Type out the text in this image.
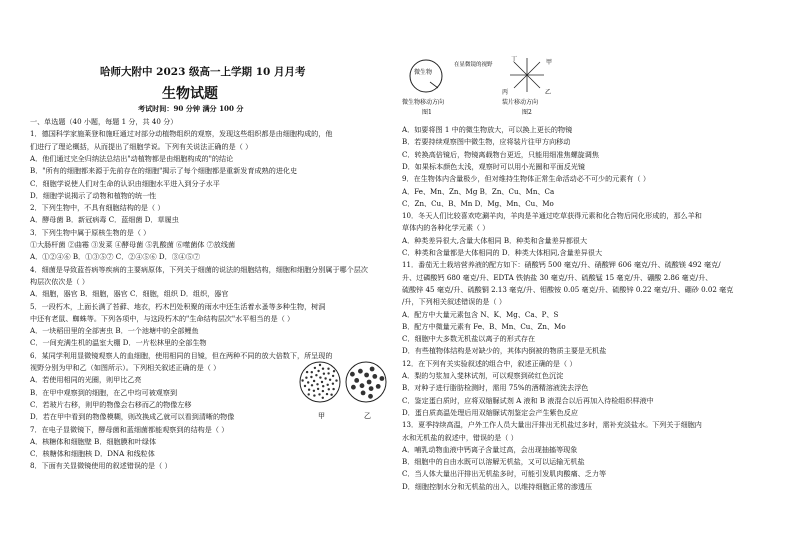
哈师大附中 2023 级高一上学期 10 月月考
生物试题
考试时间：90 分钟 满分 100 分
一、单选题（40 小题，每题 1 分，共 40 分）
1．德国科学家施莱登和施旺通过对部分动植物组织的观察，发现这些组织都是由细胞构成的，他
们进行了理论概括，从而提出了细胞学说。下列有关说法正确的是（ ）
A．他们通过完全归纳法总结出"动植物都是由细胞构成的"的结论
B．"所有的细胞都来源于先前存在的细胞"揭示了每个细胞都是重新发育成熟的进化史
C．细胞学说使人们对生命的认识由细胞水平进入到分子水平
D．细胞学说揭示了动物和植物的统一性
2．下列生物中，不具有细胞结构的是（ ）
A．酵母菌 B．新冠病毒 C．蓝细菌 D．草履虫
3．下列生物中属于原核生物的是（ ）
①大肠杆菌 ②曲霉 ③发菜 ④酵母菌 ⑤乳酸菌 ⑥噬菌体 ⑦放线菌
A．①②④⑥ B．①③⑤⑦ C．②④⑤⑥ D．③④⑤⑦
4．细菌是导致蓝苔病等疾病的主要病原体，下列关于细菌的说法的细胞结构，细胞和细胞分别属于哪个层次
构层次依次是（ ）
A．细胞，器官 B．细胞，器官 C．细胞，组织 D．组织，器官
5．一段朽木，上面长满了苔藓、地衣，朽木凹处积聚的雨水中还生活着水蚤等多种生物，树洞
中还有老鼠、蜘蛛等。下列各项中，与这段朽木的"生命结构层次"水平相当的是（ ）
A．一块稻田里的全部害虫 B．一个池塘中的全部鲤鱼
C．一间充满生机的温室大棚 D．一片松林里的全部生物
6．某同学利用显微镜观察人的血细胞，使用相同的目镜，但在两种不同的放大倍数下，所呈现的
视野分别为甲和乙（如图所示）。下列相关叙述正确的是（ ）
A．若使用相同的光圈，则甲比乙亮
B．在甲中观察到的细胞，在乙中均可被观察到
C．若玻片右移，则甲的物像会右移而乙的物像左移
D．若在甲中看到的物像模糊，则改换成乙就可以看到清晰的物像
7．在电子显微镜下，酵母菌和蓝细菌都能观察到的结构是（ ）
A．核糖体和细胞壁 B．细胞膜和叶绿体
C．核糖体和细胞核 D．DNA 和线粒体
8．下面有关显微镜使用的叙述错误的是（ ）
甲	乙
微生物
微生物移动方向
图1
在显微镜的视野
丁	甲
丙	乙
装片移动方向
图2
A．如要将图 1 中的微生物放大，可以换上更长的物镜
B．若要持续观察图中微生物，应将装片往甲方向移动
C．转换高倍镜后，物镜离载物台更近，只能用细准焦螺旋调焦
D．如果标本颜色太浅，观察时可以用小光圈和平面反光镜
9．在生物体内含量极少，但对维持生物体正常生命活动必不可少的元素有（ ）
A．Fe、Mn、Zn、Mg B．Zn、Cu、Mn、Ca
C．Zn、Cu、B、Mn D．Mg、Mn、Cu、Mo
10．冬天人们比较喜欢吃涮羊肉，羊肉是羊通过吃草获得元素和化合物后同化形成的，那么羊和
草体内的各种化学元素（ ）
A．种类差异很大,含量大体相同 B．种类和含量差异都很大
C．种类和含量都是大体相同的 D．种类大体相同,含量差异很大
11．番茄无土栽培营养液的配方如下：硝酸钙 500 毫克/升、硝酸钾 606 毫克/升、硫酸镁 492 毫克/
升、过磷酸钙 680 毫克/升、EDTA 铁钠盐 30 毫克/升、硫酸锰 15 毫克/升、硼酸 2.86 毫克/升、
硫酸锌 45 毫克/升、硫酸铜 2.13 毫克/升、钼酸铵 0.05 毫克/升、硫酸锌 0.22 毫克/升、硼砂 0.02 毫克
/升，下列相关叙述错误的是（ ）
A．配方中大量元素包含 N、K、Mg、Ca、P、S
B．配方中微量元素有 Fe、B、Mn、Cu、Zn、Mo
C．细胞中大多数无机盐以离子的形式存在
D．有些植物体结构是对缺少的，其体内倒被的物质主要是无机盐
12．在下列有关实验叙述的组合中，叙述正确的是（ ）
A．梨的匀浆加入斐林试剂，可以观察到砖红色沉淀
B．对种子进行脂肪检测时，需用 75%的酒精溶液洗去浮色
C．鉴定蛋白质时，应将双缩脲试剂 A 液和 B 液混合以后再加入待检组织样液中
D．蛋白质高温处理后用双缩脲试剂鉴定会产生紫色反应
13．夏季持续高温，户外工作人员大量出汗排出无机盐过多时，需补充淡盐水。下列关于细胞内
水和无机盐的叙述中，错误的是（ ）
A．哺乳动物血液中钙离子含量过高，会出现抽搐等现象
B．细胞中的自由水既可以溶解无机盐，又可以运输无机盐
C．当人体大量出汗排出无机盐多时，可能引发肌肉酸痛、乏力等
D．细胞控制水分和无机盐的出入，以维持细胞正常的渗透压
